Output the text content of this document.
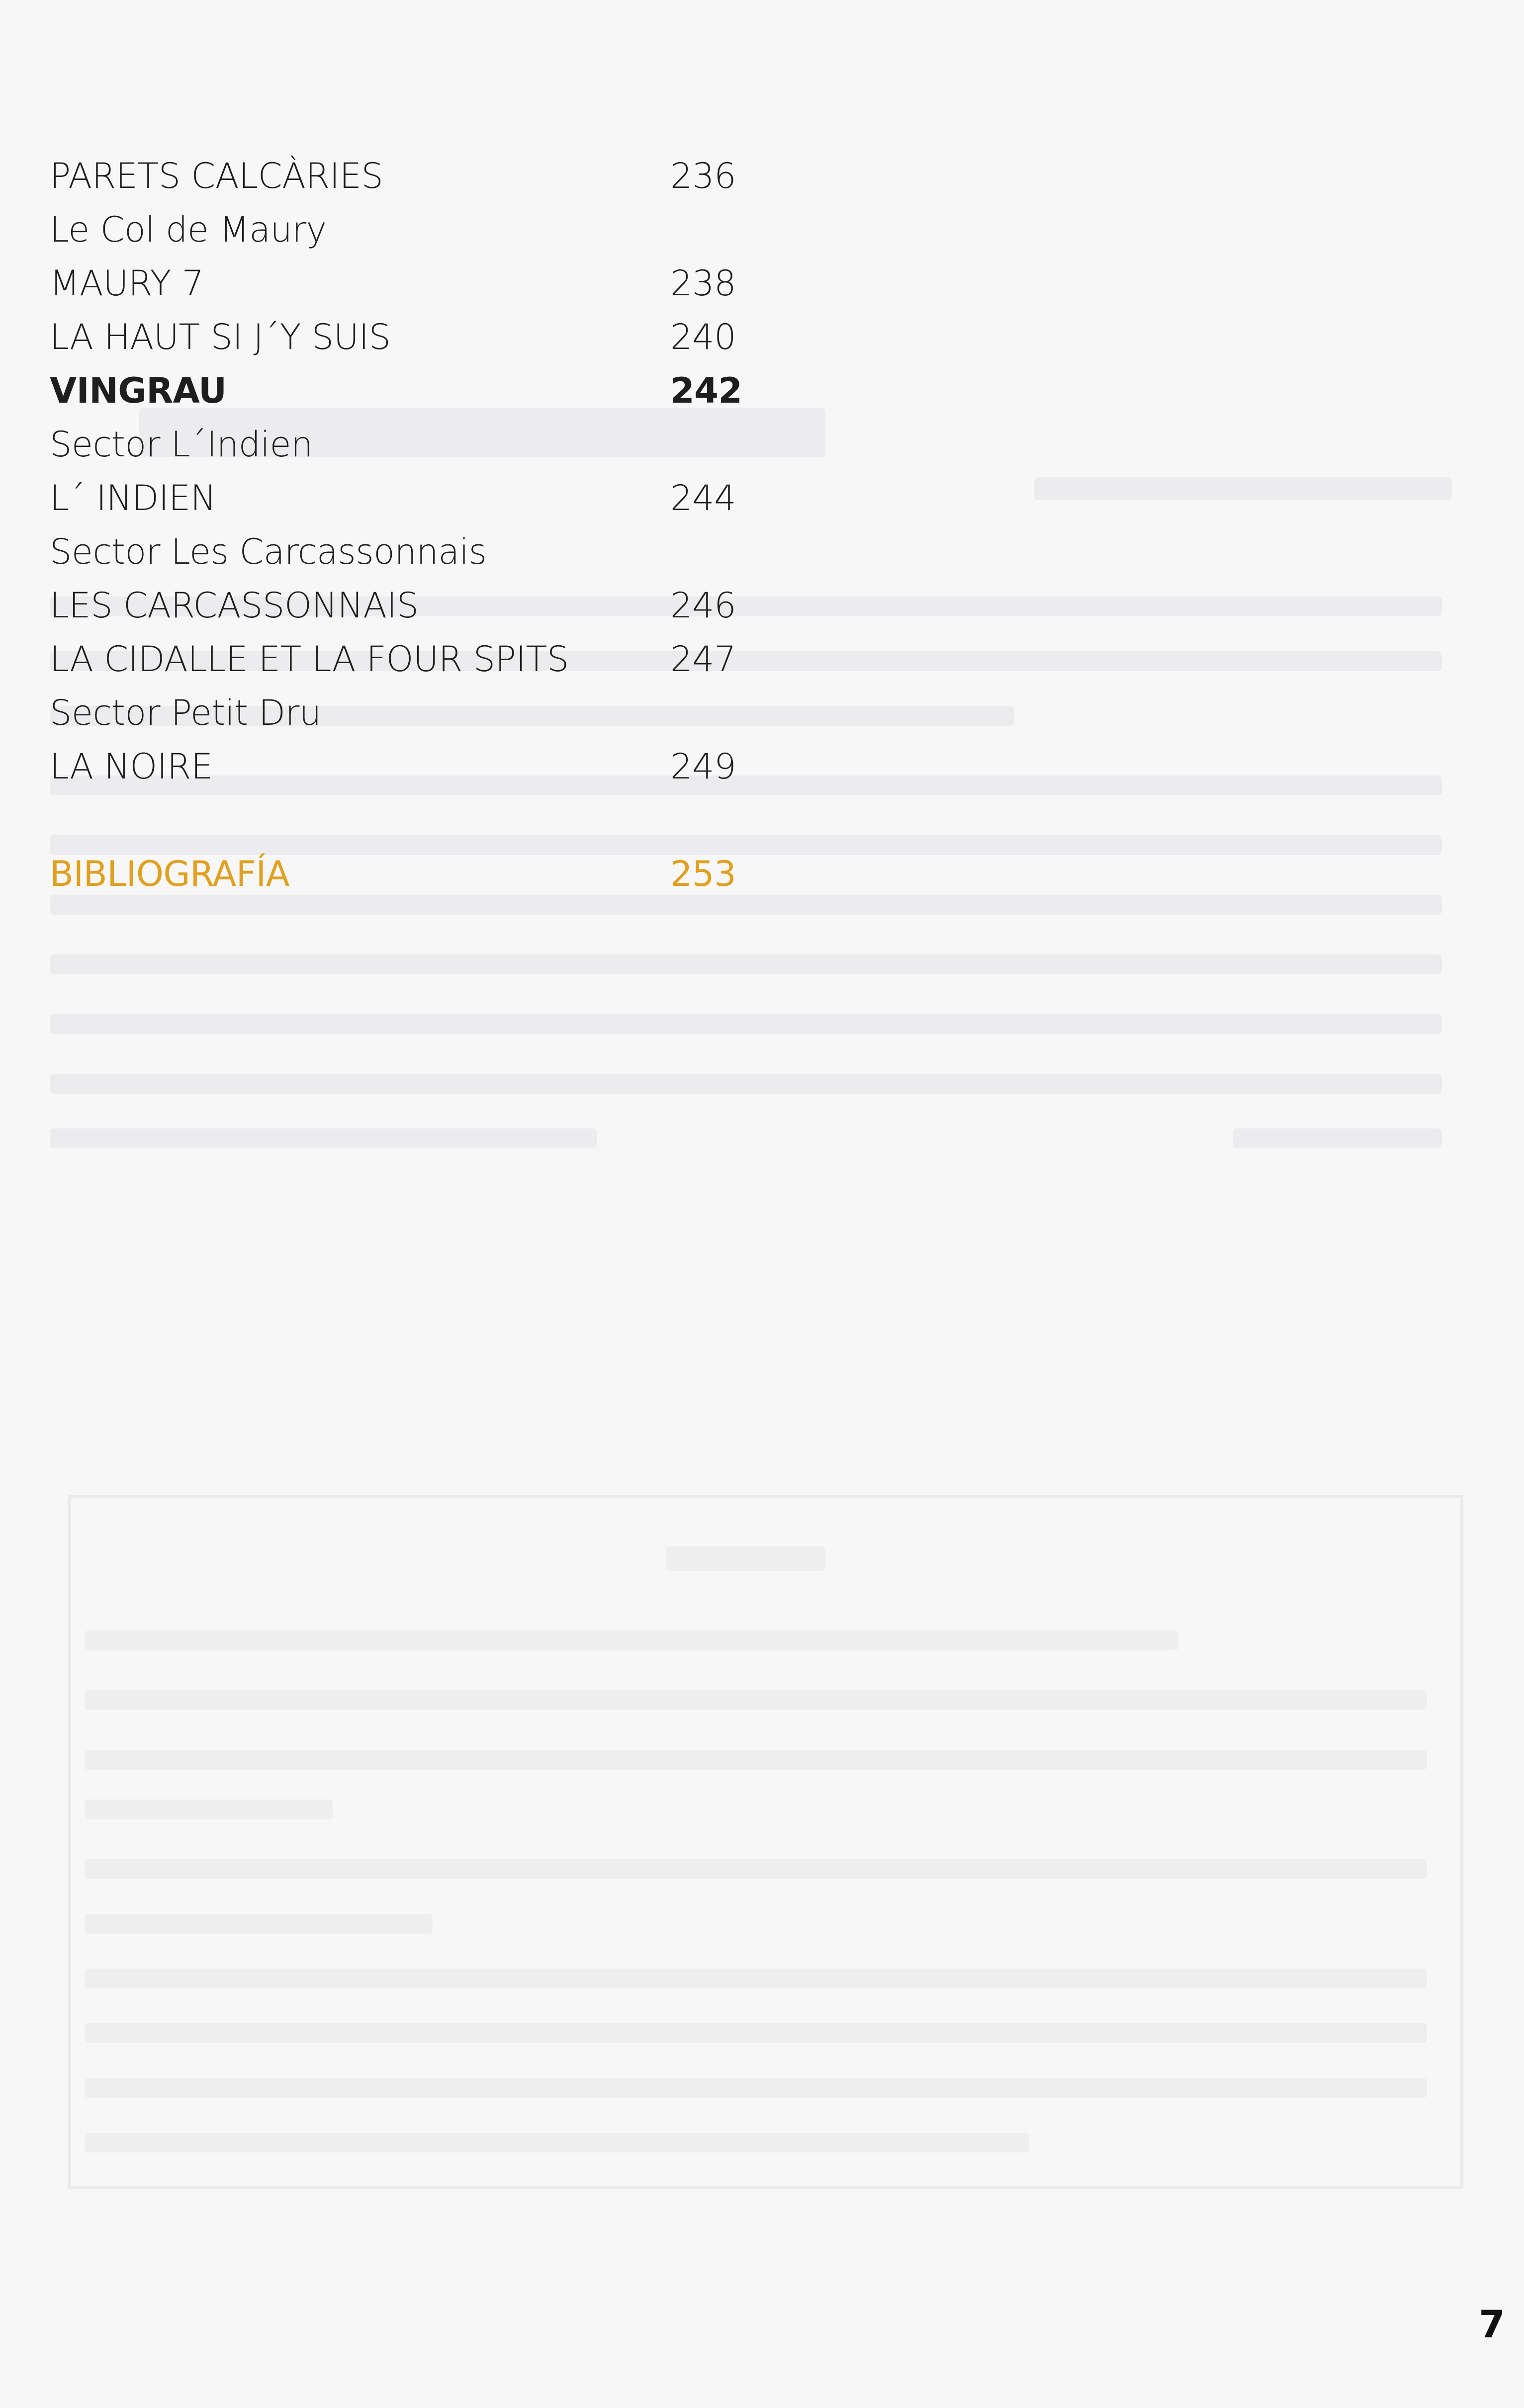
PARETS CALCÀRIES	236
Le Col de Maury
MAURY 7	238
LA HAUT SI J´Y SUIS	240
VINGRAU	242
Sector L´Indien
L´ INDIEN	244
Sector Les Carcassonnais
LES CARCASSONNAIS	246
LA CIDALLE ET LA FOUR SPITS	247
Sector Petit Dru
LA NOIRE	249
BIBLIOGRAFÍA	253
7
